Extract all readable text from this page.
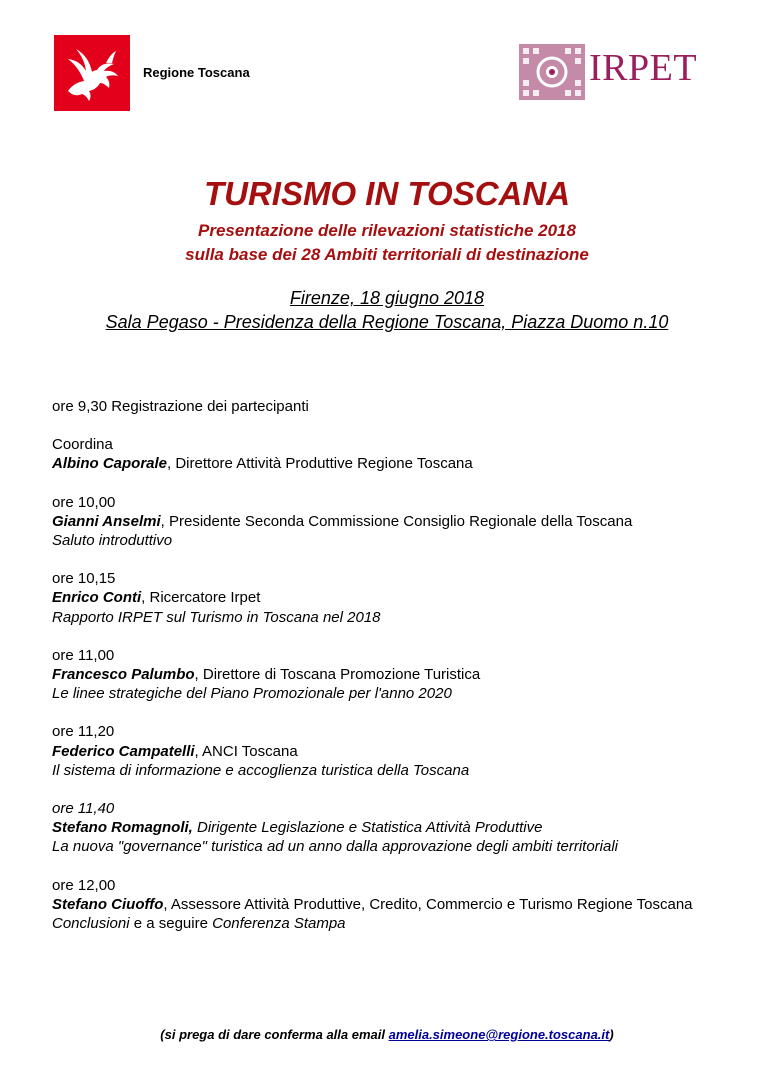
Regione Toscana	IRPET
TURISMO IN TOSCANA
Presentazione delle rilevazioni statistiche 2018
sulla base dei 28 Ambiti territoriali di destinazione
Firenze, 18 giugno 2018
Sala Pegaso - Presidenza della Regione Toscana, Piazza Duomo n.10
ore 9,30 Registrazione dei partecipanti
Coordina
Albino Caporale, Direttore Attività Produttive Regione Toscana
ore 10,00
Gianni Anselmi, Presidente Seconda Commissione Consiglio Regionale della Toscana
Saluto introduttivo
ore 10,15
Enrico Conti, Ricercatore Irpet
Rapporto IRPET sul Turismo in Toscana nel 2018
ore 11,00
Francesco Palumbo, Direttore di Toscana Promozione Turistica
Le linee strategiche del Piano Promozionale per l'anno 2020
ore 11,20
Federico Campatelli, ANCI Toscana
Il sistema di informazione e accoglienza turistica della Toscana
ore 11,40
Stefano Romagnoli, Dirigente Legislazione e Statistica Attività Produttive
La nuova "governance" turistica ad un anno dalla approvazione degli ambiti territoriali
ore 12,00
Stefano Ciuoffo, Assessore Attività Produttive, Credito, Commercio e Turismo Regione Toscana
Conclusioni e a seguire Conferenza Stampa
(si prega di dare conferma alla email amelia.simeone@regione.toscana.it)
